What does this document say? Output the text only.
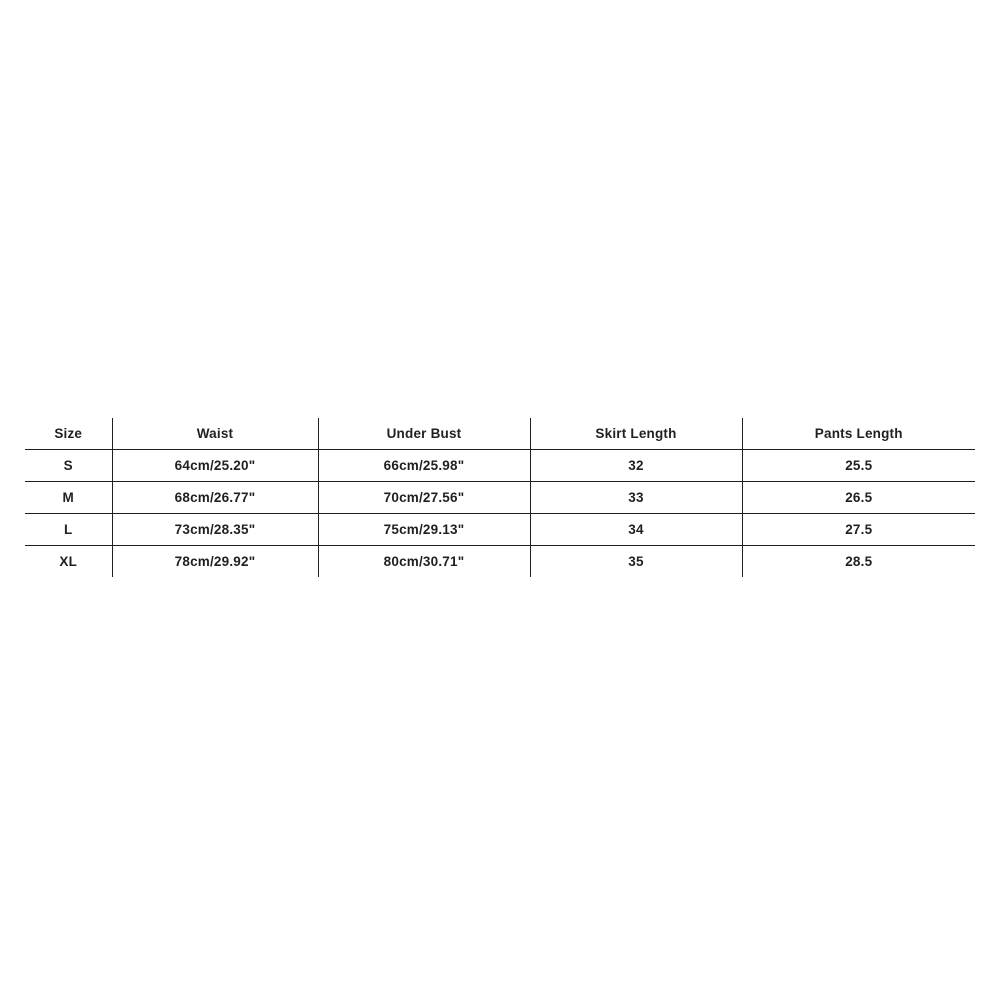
Size	Waist	Under Bust	Skirt Length	Pants Length
S	64cm/25.20"	66cm/25.98"	32	25.5
M	68cm/26.77"	70cm/27.56"	33	26.5
L	73cm/28.35"	75cm/29.13"	34	27.5
XL	78cm/29.92"	80cm/30.71"	35	28.5
